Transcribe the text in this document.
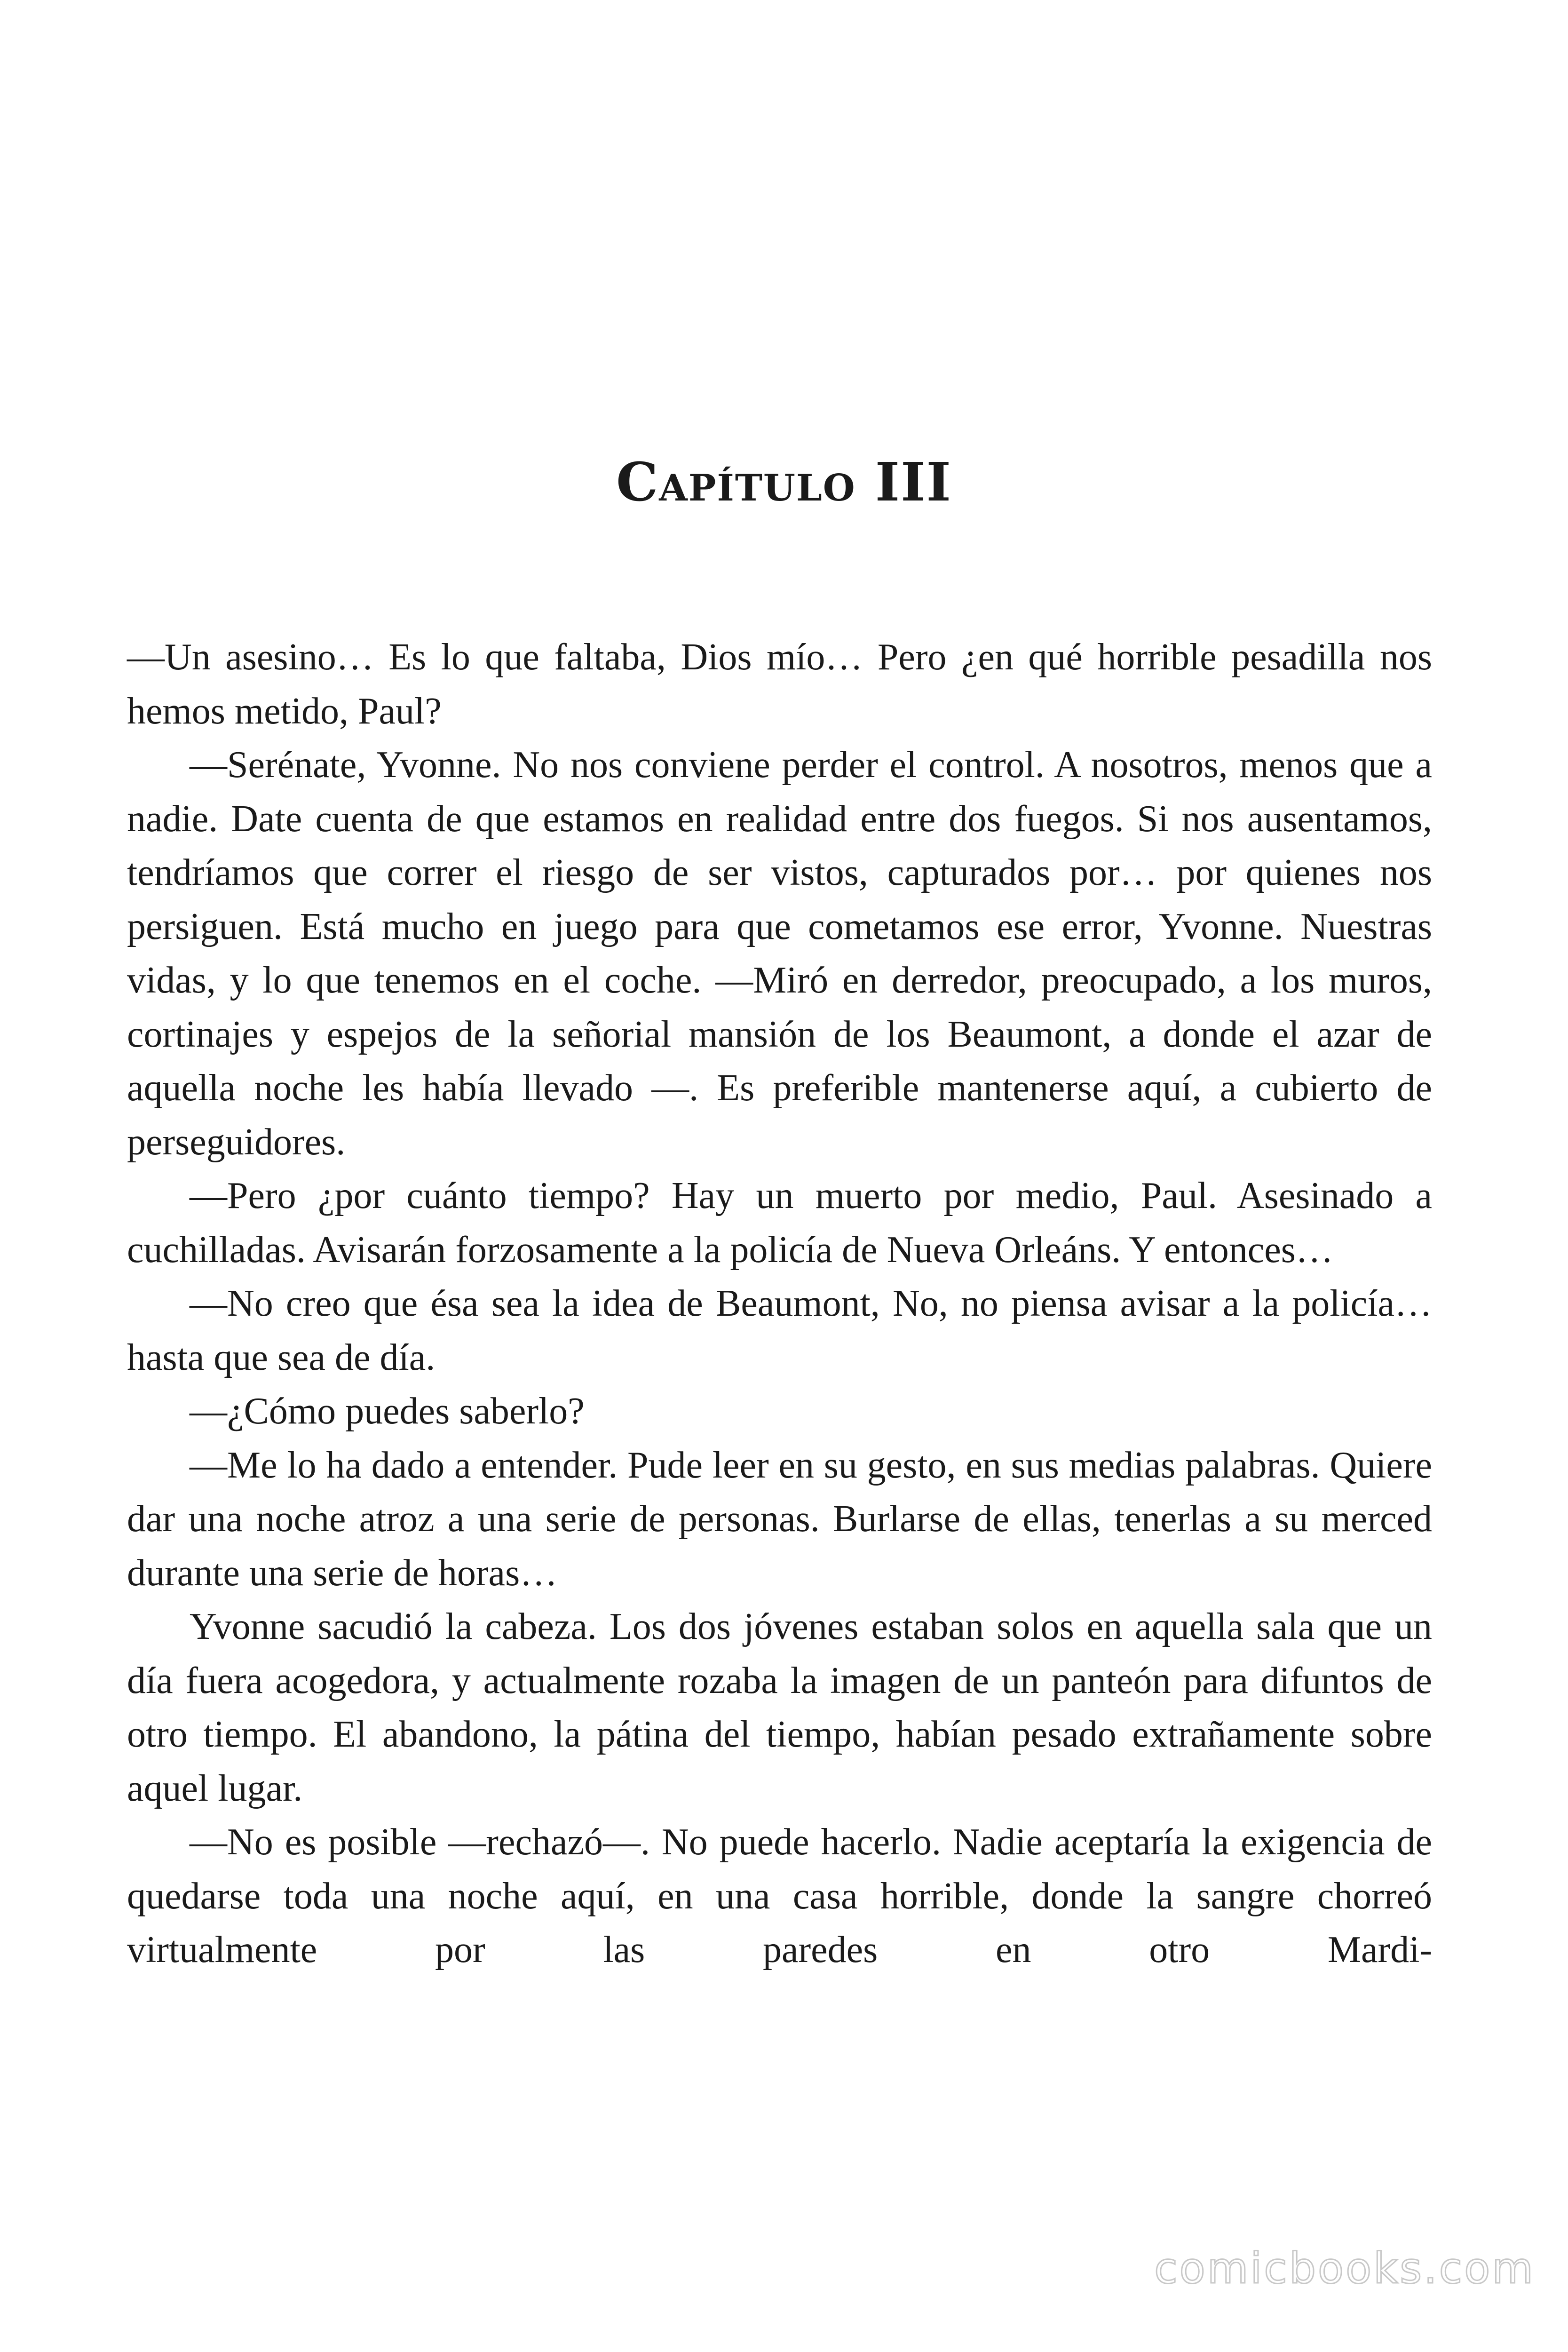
Capítulo III

—Un asesino… Es lo que faltaba, Dios mío… Pero ¿en qué horrible pesadilla nos hemos metido, Paul?

—Serénate, Yvonne. No nos conviene perder el control. A nosotros, menos que a nadie. Date cuenta de que estamos en realidad entre dos fuegos. Si nos ausentamos, tendríamos que correr el riesgo de ser vistos, capturados por… por quienes nos persiguen. Está mucho en juego para que cometamos ese error, Yvonne. Nuestras vidas, y lo que tenemos en el coche. —Miró en derredor, preocupado, a los muros, cortinajes y espejos de la señorial mansión de los Beaumont, a donde el azar de aquella noche les había llevado —. Es preferible mantenerse aquí, a cubierto de perseguidores.

—Pero ¿por cuánto tiempo? Hay un muerto por medio, Paul. Asesinado a cuchilladas. Avisarán forzosamente a la policía de Nueva Orleáns. Y entonces…

—No creo que ésa sea la idea de Beaumont, No, no piensa avisar a la policía… hasta que sea de día.

—¿Cómo puedes saberlo?

—Me lo ha dado a entender. Pude leer en su gesto, en sus medias palabras. Quiere dar una noche atroz a una serie de personas. Burlarse de ellas, tenerlas a su merced durante una serie de horas…

Yvonne sacudió la cabeza. Los dos jóvenes estaban solos en aquella sala que un día fuera acogedora, y actualmente rozaba la imagen de un panteón para difuntos de otro tiempo. El abandono, la pátina del tiempo, habían pesado extrañamente sobre aquel lugar.

—No es posible —rechazó—. No puede hacerlo. Nadie aceptaría la exigencia de quedarse toda una noche aquí, en una casa horrible, donde la sangre chorreó virtualmente por las paredes en otro Mardi-

comicbooks.com
